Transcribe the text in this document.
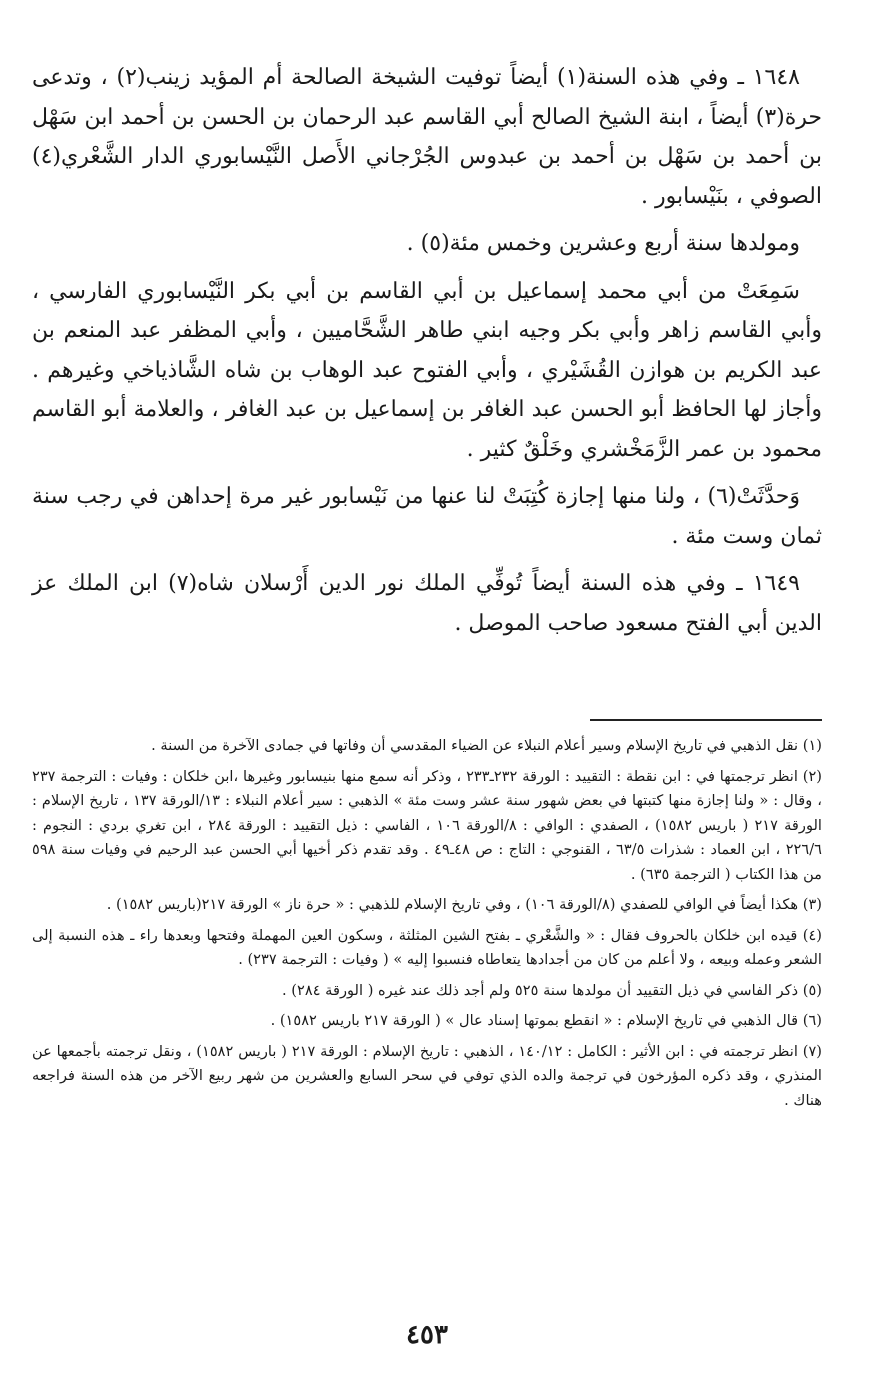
١٦٤٨ ـ وفي هذه السنة(١) أيضاً توفيت الشيخة الصالحة أم المؤيد زينب(٢) ، وتدعى حرة(٣) أيضاً ، ابنة الشيخ الصالح أبي القاسم عبد الرحمان بن الحسن بن أحمد ابن سَهْل بن أحمد بن سَهْل بن أحمد بن عبدوس الجُرْجاني الأَصل النَّيْسابوري الدار الشَّعْري(٤) الصوفي ، بنَيْسابور .

ومولدها سنة أربع وعشرين وخمس مئة(٥) .

سَمِعَتْ من أبي محمد إسماعيل بن أبي القاسم بن أبي بكر النَّيْسابوري الفارسي ، وأبي القاسم زاهر وأبي بكر وجيه ابني طاهر الشَّحَّاميين ، وأبي المظفر عبد المنعم بن عبد الكريم بن هوازن القُشَيْري ، وأبي الفتوح عبد الوهاب بن شاه الشَّاذياخي وغيرهم . وأجاز لها الحافظ أبو الحسن عبد الغافر بن إسماعيل بن عبد الغافر ، والعلامة أبو القاسم محمود بن عمر الزَّمَخْشري وخَلْقٌ كثير .

وَحدَّثَتْ(٦) ، ولنا منها إجازة كُتِبَتْ لنا عنها من نَيْسابور غير مرة إحداهن في رجب سنة ثمان وست مئة .

١٦٤٩ ـ وفي هذه السنة أيضاً تُوفِّي الملك نور الدين أَرْسلان شاه(٧) ابن الملك عز الدين أبي الفتح مسعود صاحب الموصل .

(١) نقل الذهبي في تاريخ الإسلام وسير أعلام النبلاء عن الضياء المقدسي أن وفاتها في جمادى الآخرة من السنة .
(٢) انظر ترجمتها في : ابن نقطة : التقييد : الورقة ٢٣٢ـ٢٣٣ ، وذكر أنه سمع منها بنيسابور وغيرها ،ابن خلكان : وفيات : الترجمة ٢٣٧ ، وقال : « ولنا إجازة منها كتبتها في بعض شهور سنة عشر وست مئة » الذهبي : سير أعلام النبلاء : ١٣/الورقة ١٣٧ ، تاريخ الإسلام : الورقة ٢١٧ ( باريس ١٥٨٢) ، الصفدي : الوافي : ٨/الورقة ١٠٦ ، الفاسي : ذيل التقييد : الورقة ٢٨٤ ، ابن تغري بردي : النجوم : ٢٢٦/٦ ، ابن العماد : شذرات ٦٣/٥ ، القنوجي : التاج : ص ٤٨ـ٤٩ . وقد تقدم ذكر أخيها أبي الحسن عبد الرحيم في وفيات سنة ٥٩٨ من هذا الكتاب ( الترجمة ٦٣٥) .
(٣) هكذا أيضاً في الوافي للصفدي (٨/الورقة ١٠٦) ، وفي تاريخ الإسلام للذهبي : « حرة ناز » الورقة ٢١٧(باريس ١٥٨٢) .
(٤) قيده ابن خلكان بالحروف فقال : « والشَّعْري ـ بفتح الشين المثلثة ، وسكون العين المهملة وفتحها وبعدها راء ـ هذه النسبة إلى الشعر وعمله وبيعه ، ولا أعلم من كان من أجدادها يتعاطاه فنسبوا إليه » ( وفيات : الترجمة ٢٣٧) .
(٥) ذكر الفاسي في ذيل التقييد أن مولدها سنة ٥٢٥ ولم أجد ذلك عند غيره ( الورقة ٢٨٤) .
(٦) قال الذهبي في تاريخ الإسلام : « انقطع بموتها إسناد عال » ( الورقة ٢١٧ باريس ١٥٨٢) .
(٧) انظر ترجمته في : ابن الأثير : الكامل : ١٤٠/١٢ ، الذهبي : تاريخ الإسلام : الورقة ٢١٧ ( باريس ١٥٨٢) ، ونقل ترجمته بأجمعها عن المنذري ، وقد ذكره المؤرخون في ترجمة والده الذي توفي في سحر السابع والعشرين من شهر ربيع الآخر من هذه السنة فراجعه هناك .
٤٥٣
